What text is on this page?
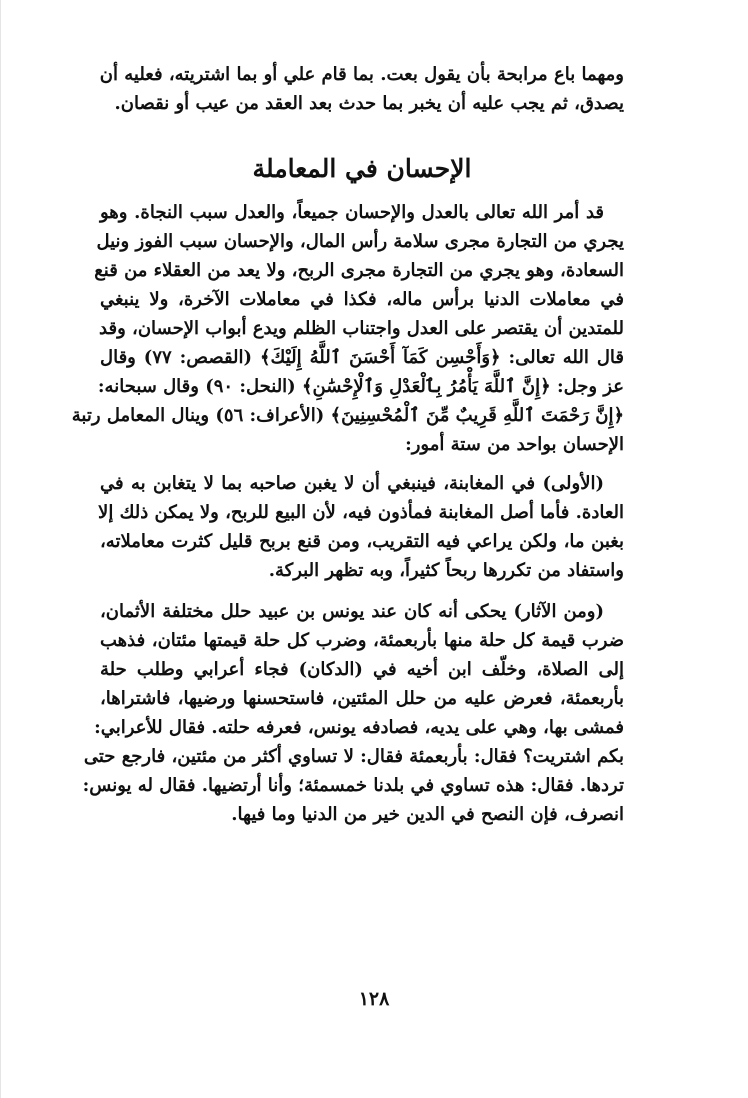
ومهما باع مرابحة بأن يقول بعت. بما قام علي أو بما اشتريته، فعليه أن
يصدق، ثم يجب عليه أن يخبر بما حدث بعد العقد من عيب أو نقصان.
الإحسان في المعاملة
قد أمر الله تعالى بالعدل والإحسان جميعاً، والعدل سبب النجاة. وهو
يجري من التجارة مجرى سلامة رأس المال، والإحسان سبب الفوز ونيل
السعادة، وهو يجري من التجارة مجرى الربح، ولا يعد من العقلاء من قنع
في معاملات الدنيا برأس ماله، فكذا في معاملات الآخرة، ولا ينبغي
للمتدين أن يقتصر على العدل واجتناب الظلم ويدع أبواب الإحسان، وقد
قال الله تعالى: ﴿وَأَحْسِن كَمَآ أَحْسَنَ ٱللَّهُ إِلَيْكَ﴾ (القصص: ٧٧) وقال
عز وجل: ﴿إِنَّ ٱللَّهَ يَأْمُرُ بِٱلْعَدْلِ وَٱلْإِحْسَٰنِ﴾ (النحل: ٩٠) وقال سبحانه:
﴿إِنَّ رَحْمَتَ ٱللَّهِ قَرِيبٌ مِّنَ ٱلْمُحْسِنِينَ﴾ (الأعراف: ٥٦) وينال المعامل رتبة
الإحسان بواحد من ستة أمور:
(الأولى) في المغابنة، فينبغي أن لا يغبن صاحبه بما لا يتغابن به في
العادة. فأما أصل المغابنة فمأذون فيه، لأن البيع للربح، ولا يمكن ذلك إلا
بغبن ما، ولكن يراعي فيه التقريب، ومن قنع بربح قليل كثرت معاملاته،
واستفاد من تكررها ربحاً كثيراً، وبه تظهر البركة.
(ومن الآثار) يحكى أنه كان عند يونس بن عبيد حلل مختلفة الأثمان،
ضرب قيمة كل حلة منها بأربعمئة، وضرب كل حلة قيمتها مئتان، فذهب
إلى الصلاة، وخلّف ابن أخيه في (الدكان) فجاء أعرابي وطلب حلة
بأربعمئة، فعرض عليه من حلل المئتين، فاستحسنها ورضيها، فاشتراها،
فمشى بها، وهي على يديه، فصادفه يونس، فعرفه حلته. فقال للأعرابي:
بكم اشتريت؟ فقال: بأربعمئة فقال: لا تساوي أكثر من مئتين، فارجع حتى
تردها. فقال: هذه تساوي في بلدنا خمسمئة؛ وأنا أرتضيها. فقال له يونس:
انصرف، فإن النصح في الدين خير من الدنيا وما فيها.
١٢٨
